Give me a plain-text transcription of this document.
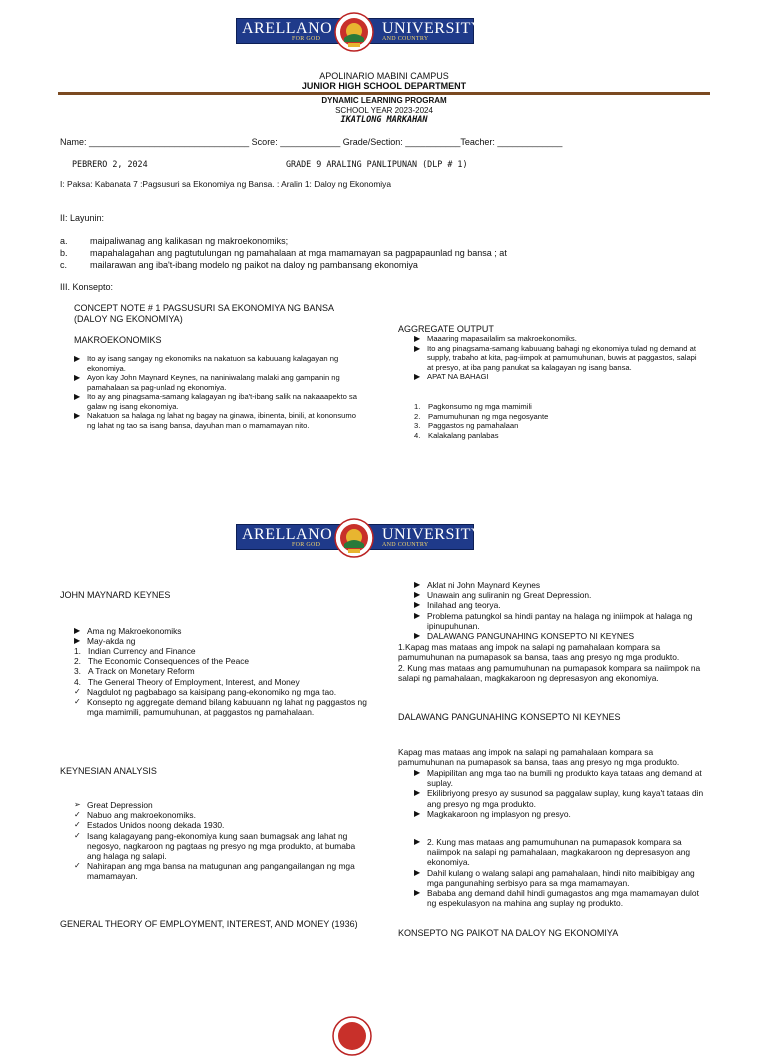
ARELLANO	UNIVERSITY
FOR GOD	AND COUNTRY
APOLINARIO MABINI CAMPUS
JUNIOR HIGH SCHOOL DEPARTMENT
DYNAMIC LEARNING PROGRAM
SCHOOL YEAR 2023-2024
IKATLONG MARKAHAN
Name: ________________________________ Score: ____________ Grade/Section: ___________Teacher: _____________
PEBRERO 2, 2024	GRADE 9 ARALING PANLIPUNAN (DLP # 1)
I: Paksa: Kabanata 7 :Pagsusuri sa Ekonomiya ng Bansa. : Aralin 1: Daloy ng Ekonomiya
II: Layunin:
a. maipaliwanag ang kalikasan ng makroekonomiks;
b. mapahalagahan ang pagtutulungan ng pamahalaan at mga mamamayan sa pagpapaunlad ng bansa ; at
c.	mailarawan ang iba't-ibang modelo ng paikot na daloy ng pambansang ekonomiya
III. Konsepto:
CONCEPT NOTE # 1 PAGSUSURI SA EKONOMIYA NG BANSA
(DALOY NG EKONOMIYA)
MAKROEKONOMIKS
▶ Ito ay isang sangay ng ekonomiks na nakatuon sa kabuuang kalagayan ng ekonomiya.
▶ Ayon kay John Maynard Keynes, na naniniwalang malaki ang gampanin ng pamahalaan sa pag-unlad ng ekonomiya.
▶ Ito ay ang pinagsama-samang kalagayan ng iba't-ibang salik na nakaaapekto sa galaw ng isang ekonomiya.
▶ Nakatuon sa halaga ng lahat ng bagay na ginawa, ibinenta, binili, at kononsumo ng lahat ng tao sa isang bansa, dayuhan man o mamamayan nito.
AGGREGATE OUTPUT
▶ Maaaring mapasailalim sa makroekonomiks.
▶ Ito ang pinagsama-samang kabuuang bahagi ng ekonomiya tulad ng demand at supply, trabaho at kita, pag-iimpok at pamumuhunan, buwis at paggastos, salapi at presyo, at iba pang panukat sa kalagayan ng isang bansa.
▶ APAT NA BAHAGI
1. Pagkonsumo ng mga mamimili
2. Pamumuhunan ng mga negosyante
3. Paggastos ng pamahalaan
4. Kalakalang panlabas
ARELLANO	UNIVERSITY
FOR GOD	AND COUNTRY
JOHN MAYNARD KEYNES
▶ Ama ng Makroekonomiks
▶ May-akda ng
1. Indian Currency and Finance
2. The Economic Consequences of the Peace
3. A Track on Monetary Reform
4. The General Theory of Employment, Interest, and Money
✓ Nagdulot ng pagbabago sa kaisipang pang-ekonomiko ng mga tao.
✓ Konsepto ng aggregate demand bilang kabuuann ng lahat ng paggastos ng mga mamimili, pamumuhunan, at paggastos ng pamahalaan.
KEYNESIAN ANALYSIS
➢ Great Depression
✓ Nabuo ang makroekonomiks.
✓ Estados Unidos noong dekada 1930.
✓ Isang kalagayang pang-ekonomiya kung saan bumagsak ang lahat ng negosyo, nagkaroon ng pagtaas ng presyo ng mga produkto, at bumaba ang halaga ng salapi.
✓ Nahirapan ang mga bansa na matugunan ang pangangailangan ng mga mamamayan.
GENERAL THEORY OF EMPLOYMENT, INTEREST, AND MONEY (1936)
▶ Aklat ni John Maynard Keynes
▶ Unawain ang suliranin ng Great Depression.
▶ Inilahad ang teorya.
▶ Problema patungkol sa hindi pantay na halaga ng iniimpok at halaga ng ipinupuhunan.
▶ DALAWANG PANGUNAHING KONSEPTO NI KEYNES
1.Kapag mas mataas ang impok na salapi ng pamahalaan kompara sa pamumuhunan na pumapasok sa bansa, taas ang presyo ng mga produkto.
2. Kung mas mataas ang pamumuhunan na pumapasok kompara sa naiimpok na salapi ng pamahalaan, magkakaroon ng depresasyon ang ekonomiya.
DALAWANG PANGUNAHING KONSEPTO NI KEYNES
Kapag mas mataas ang impok na salapi ng pamahalaan kompara sa pamumuhunan na pumapasok sa bansa, taas ang presyo ng mga produkto.
▶ Mapipilitan ang mga tao na bumili ng produkto kaya tataas ang demand at suplay.
▶ Ekilibriyong presyo ay susunod sa paggalaw suplay, kung kaya't tataas din ang presyo ng mga produkto.
▶ Magkakaroon ng implasyon ng presyo.
▶ 2. Kung mas mataas ang pamumuhunan na pumapasok kompara sa naiimpok na salapi ng pamahalaan, magkakaroon ng depresasyon ang ekonomiya.
▶ Dahil kulang o walang salapi ang pamahalaan, hindi nito maibibigay ang mga pangunahing serbisyo para sa mga mamamayan.
▶ Bababa ang demand dahil hindi gumagastos ang mga mamamayan dulot ng espekulasyon na mahina ang suplay ng produkto.
KONSEPTO NG PAIKOT NA DALOY NG EKONOMIYA
